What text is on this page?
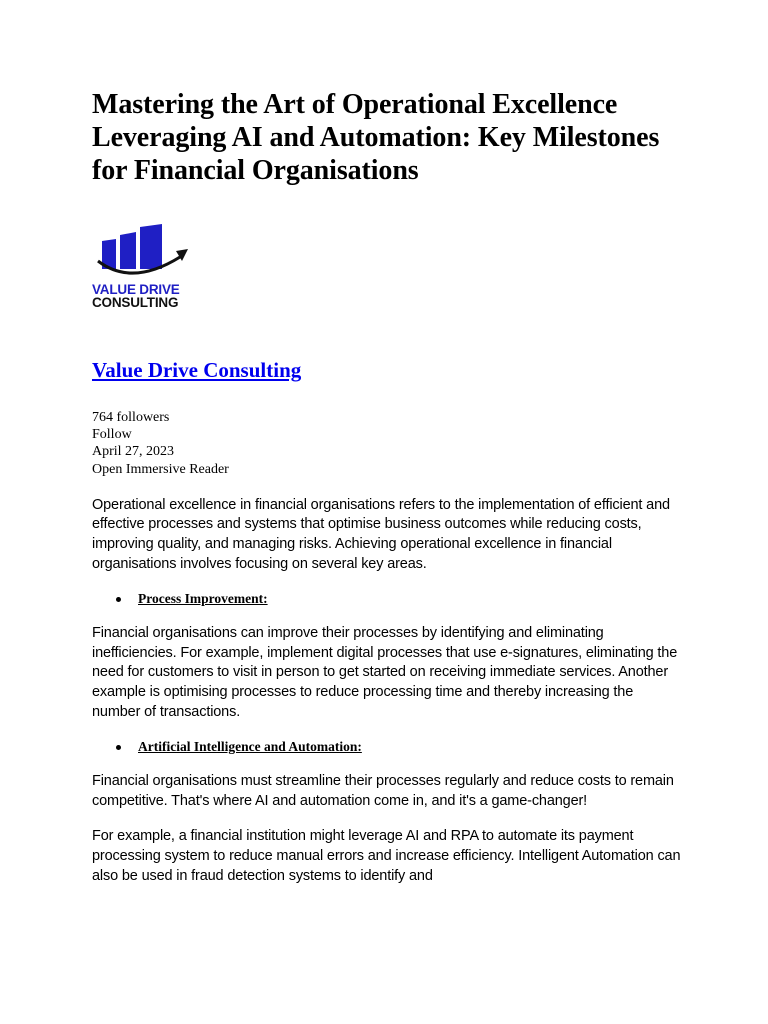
Mastering the Art of Operational Excellence Leveraging AI and Automation: Key Milestones for Financial Organisations
VALUE DRIVE
CONSULTING
Value Drive Consulting
764 followers
Follow
April 27, 2023
Open Immersive Reader

Operational excellence in financial organisations refers to the implementation of efficient and effective processes and systems that optimise business outcomes while reducing costs, improving quality, and managing risks. Achieving operational excellence in financial organisations involves focusing on several key areas.

Process Improvement:

Financial organisations can improve their processes by identifying and eliminating inefficiencies. For example, implement digital processes that use e-signatures, eliminating the need for customers to visit in person to get started on receiving immediate services. Another example is optimising processes to reduce processing time and thereby increasing the number of transactions.

Artificial Intelligence and Automation:

Financial organisations must streamline their processes regularly and reduce costs to remain competitive. That's where AI and automation come in, and it's a game-changer!

For example, a financial institution might leverage AI and RPA to automate its payment processing system to reduce manual errors and increase efficiency. Intelligent Automation can also be used in fraud detection systems to identify and
